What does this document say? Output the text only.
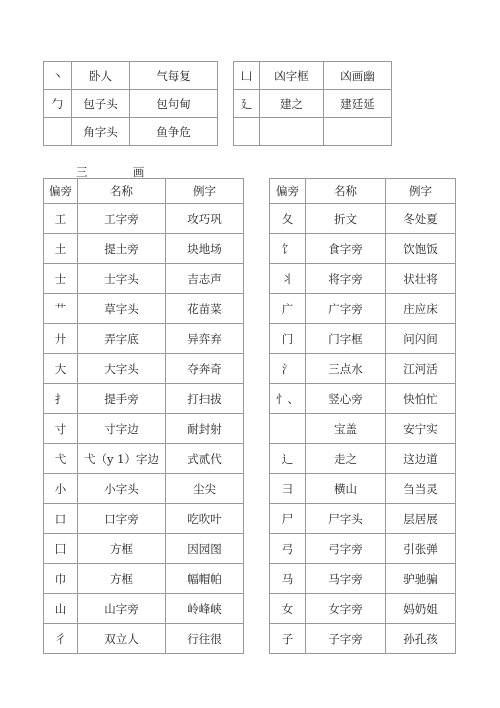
丶	卧人	气每复
勹	包子头	包句甸
	角字头	鱼争危
凵	凶字框	凶画幽
廴	建之	建廷延

三	画
偏旁	名称	例字		偏旁	名称	例字
工	工字旁	攻巧巩		夂	折文	冬处夏
土	提土旁	块地场		饣	食字旁	饮饱饭
士	士字头	吉志声		丬	将字旁	状壮将
艹	草字头	花苗菜		广	广字旁	庄应床
廾	弄字底	异弈弃		门	门字框	问闪间
大	大字头	夺奔奇		氵	三点水	江河活
扌	提手旁	打扫拔		忄、	竖心旁	快怕忙
寸	寸字边	耐封射			宝盖	安宁实
弋	弋（y 1）字边	式贰代		辶	走之	这边道
小	小字头	尘尖		彐	横山	刍当灵
口	口字旁	吃吹叶		尸	尸字头	层居展
囗	方框	因园图		弓	弓字旁	引张弹
巾	方框	幅帽帕		马	马字旁	驴驰骗
山	山字旁	岭峰峡		女	女字旁	妈奶姐
彳	双立人	行往很		子	子字旁	孙孔孩
